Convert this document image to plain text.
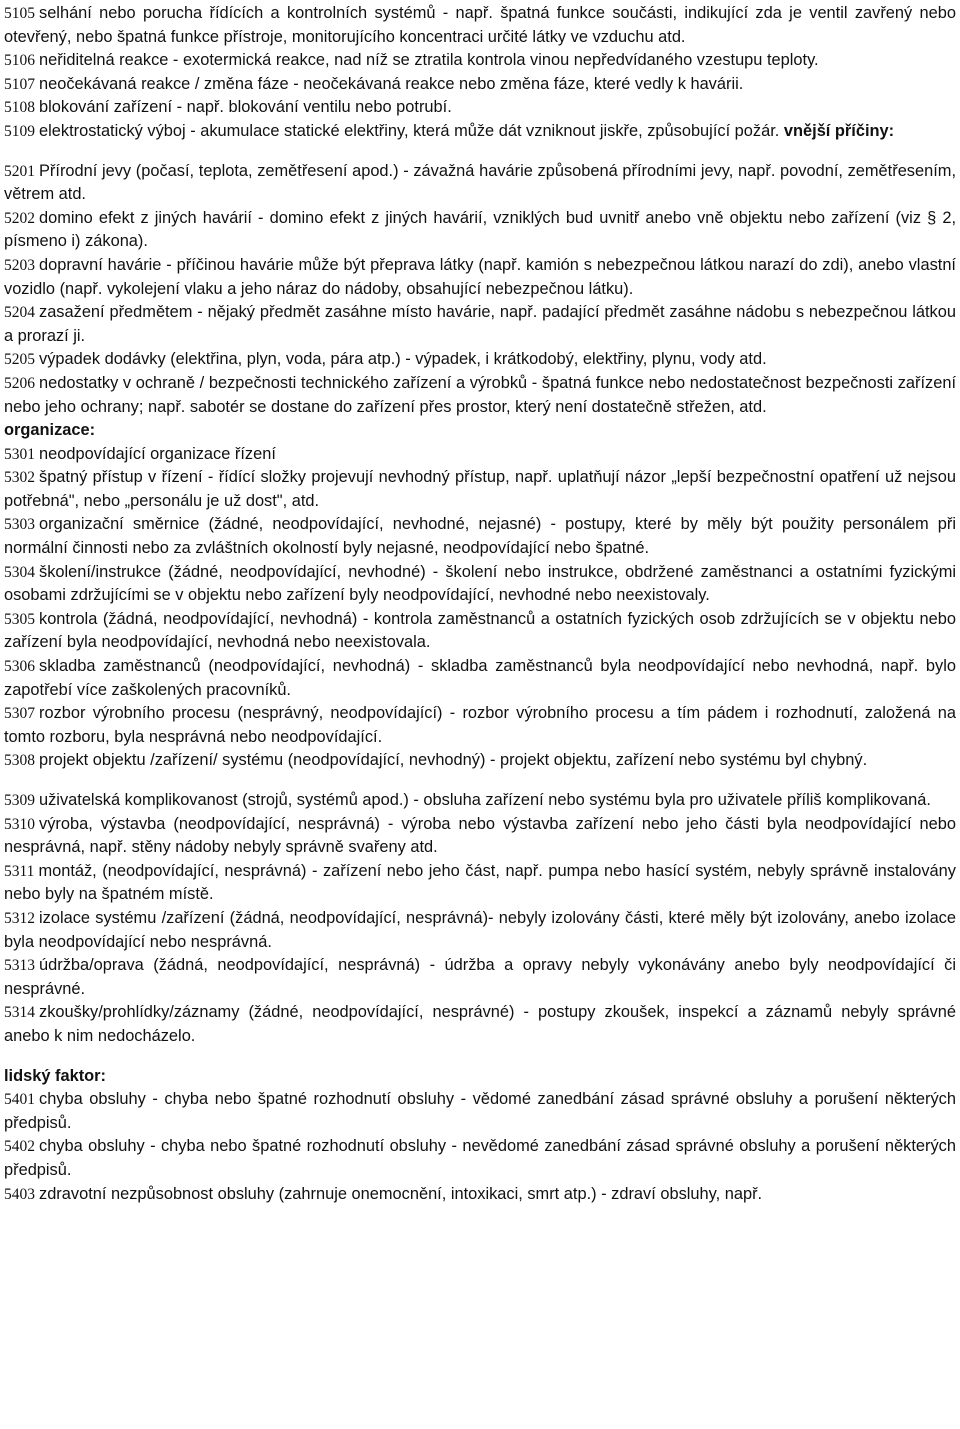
5105 selhání nebo porucha řídících a kontrolních systémů - např. špatná funkce součásti, indikující zda je ventil zavřený nebo otevřený, nebo špatná funkce přístroje, monitorujícího koncentraci určité látky ve vzduchu atd.

5106 neřiditelná reakce - exotermická reakce, nad níž se ztratila kontrola vinou nepředvídaného vzestupu teploty.

5107 neočekávaná reakce / změna fáze - neočekávaná reakce nebo změna fáze, které vedly k havárii.

5108 blokování zařízení - např. blokování ventilu nebo potrubí.

5109 elektrostatický výboj - akumulace statické elektřiny, která může dát vzniknout jiskře, způsobující požár. vnější příčiny:

5201 Přírodní jevy (počasí, teplota, zemětřesení apod.) - závažná havárie způsobená přírodními jevy, např. povodní, zemětřesením, větrem atd.

5202 domino efekt z jiných havárií - domino efekt z jiných havárií, vzniklých bud uvnitř anebo vně objektu nebo zařízení (viz § 2, písmeno i) zákona).

5203 dopravní havárie - příčinou havárie může být přeprava látky (např. kamión s nebezpečnou látkou narazí do zdi), anebo vlastní vozidlo (např. vykolejení vlaku a jeho náraz do nádoby, obsahující nebezpečnou látku).

5204 zasažení předmětem - nějaký předmět zasáhne místo havárie, např. padající předmět zasáhne nádobu s nebezpečnou látkou a prorazí ji.

5205 výpadek dodávky (elektřina, plyn, voda, pára atp.) - výpadek, i krátkodobý, elektřiny, plynu, vody atd.

5206 nedostatky v ochraně / bezpečnosti technického zařízení a výrobků - špatná funkce nebo nedostatečnost bezpečnosti zařízení nebo jeho ochrany; např. sabotér se dostane do zařízení přes prostor, který není dostatečně střežen, atd.

organizace:

5301 neodpovídající organizace řízení

5302 špatný přístup v řízení - řídící složky projevují nevhodný přístup, např. uplatňují názor „lepší bezpečnostní opatření už nejsou potřebná", nebo „personálu je už dost", atd.

5303 organizační směrnice (žádné, neodpovídající, nevhodné, nejasné) - postupy, které by měly být použity personálem při normální činnosti nebo za zvláštních okolností byly nejasné, neodpovídající nebo špatné.

5304 školení/instrukce (žádné, neodpovídající, nevhodné) - školení nebo instrukce, obdržené zaměstnanci a ostatními fyzickými osobami zdržujícími se v objektu nebo zařízení byly neodpovídající, nevhodné nebo neexistovaly.

5305 kontrola (žádná, neodpovídající, nevhodná) - kontrola zaměstnanců a ostatních fyzických osob zdržujících se v objektu nebo zařízení byla neodpovídající, nevhodná nebo neexistovala.

5306 skladba zaměstnanců (neodpovídající, nevhodná) - skladba zaměstnanců byla neodpovídající nebo nevhodná, např. bylo zapotřebí více zaškolených pracovníků.

5307 rozbor výrobního procesu (nesprávný, neodpovídající) - rozbor výrobního procesu a tím pádem i rozhodnutí, založená na tomto rozboru, byla nesprávná nebo neodpovídající.

5308 projekt objektu /zařízení/ systému (neodpovídající, nevhodný) - projekt objektu, zařízení nebo systému byl chybný.

5309 uživatelská komplikovanost (strojů, systémů apod.) - obsluha zařízení nebo systému byla pro uživatele příliš komplikovaná.

5310 výroba, výstavba (neodpovídající, nesprávná) - výroba nebo výstavba zařízení nebo jeho části byla neodpovídající nebo nesprávná, např. stěny nádoby nebyly správně svařeny atd.

5311 montáž, (neodpovídající, nesprávná) - zařízení nebo jeho část, např. pumpa nebo hasící systém, nebyly správně instalovány nebo byly na špatném místě.

5312 izolace systému /zařízení (žádná, neodpovídající, nesprávná)- nebyly izolovány části, které měly být izolovány, anebo izolace byla neodpovídající nebo nesprávná.

5313 údržba/oprava (žádná, neodpovídající, nesprávná) - údržba a opravy nebyly vykonávány anebo byly neodpovídající či nesprávné.

5314 zkoušky/prohlídky/záznamy (žádné, neodpovídající, nesprávné) - postupy zkoušek, inspekcí a záznamů nebyly správné anebo k nim nedocházelo.

lidský faktor:

5401 chyba obsluhy - chyba nebo špatné rozhodnutí obsluhy - vědomé zanedbání zásad správné obsluhy a porušení některých předpisů.

5402 chyba obsluhy - chyba nebo špatné rozhodnutí obsluhy - nevědomé zanedbání zásad správné obsluhy a porušení některých předpisů.

5403 zdravotní nezpůsobnost obsluhy (zahrnuje onemocnění, intoxikaci, smrt atp.) - zdraví obsluhy, např.
